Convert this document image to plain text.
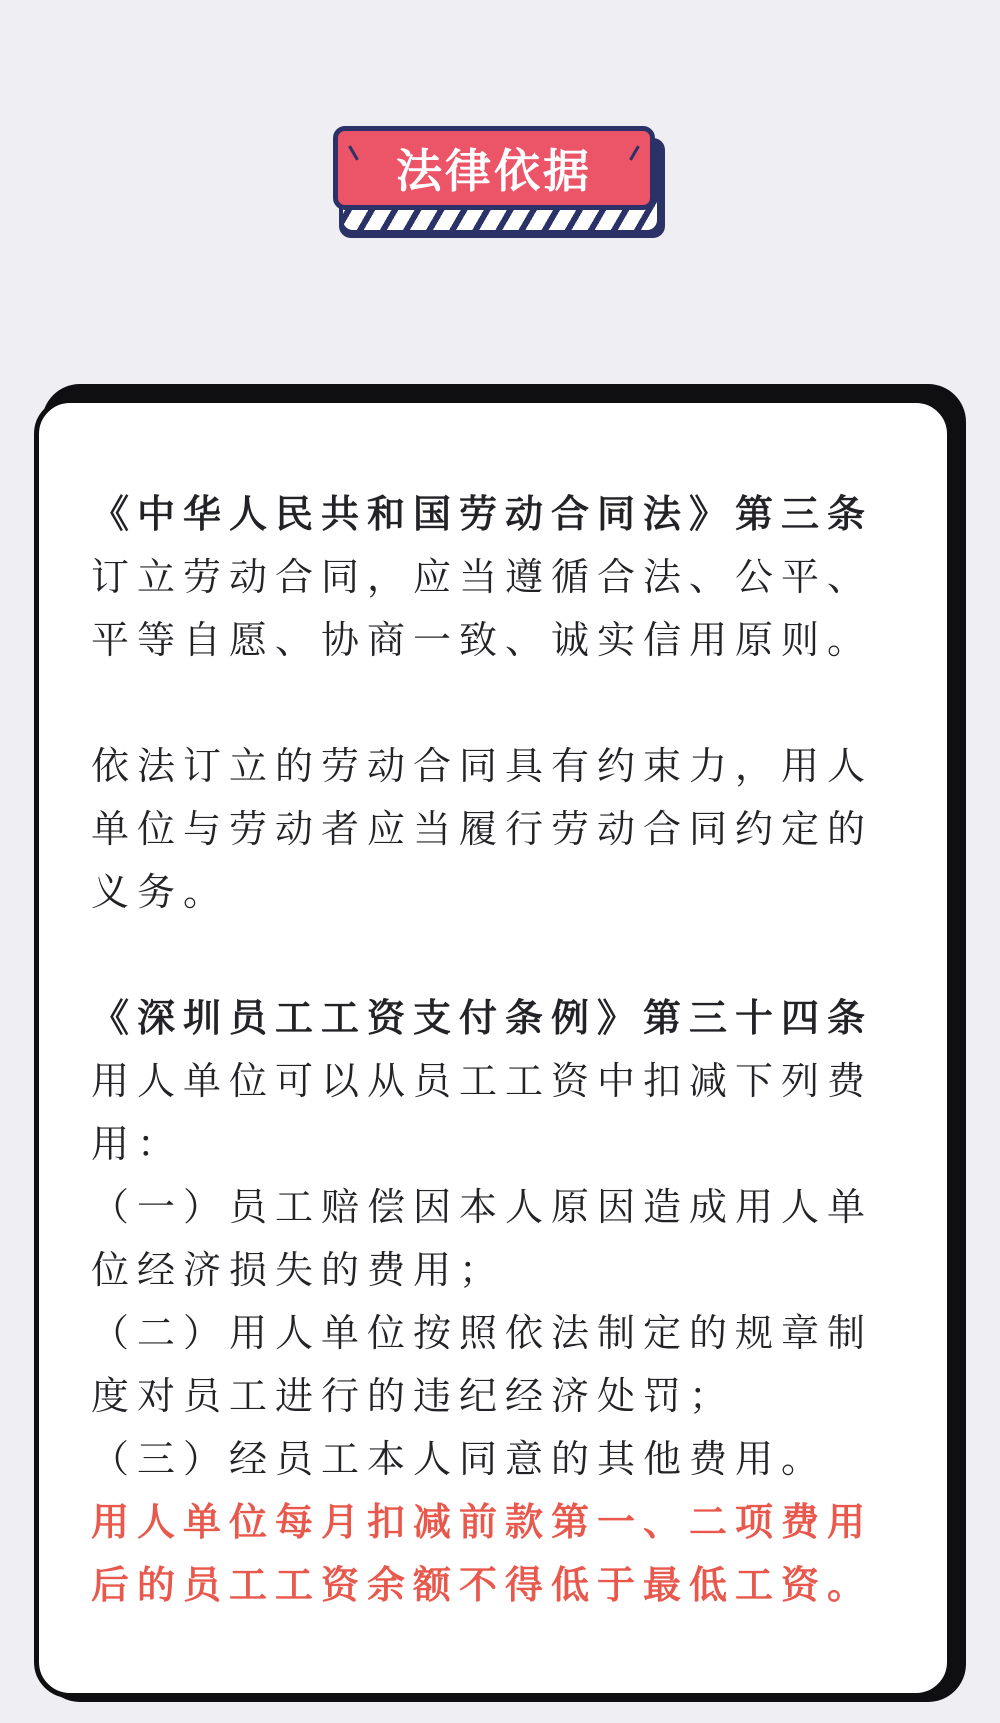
法律依据

《中华人民共和国劳动合同法》第三条

订立劳动合同，应当遵循合法、公平、平等自愿、协商一致、诚实信用原则。

依法订立的劳动合同具有约束力，用人单位与劳动者应当履行劳动合同约定的义务。

《深圳员工工资支付条例》第三十四条

用人单位可以从员工工资中扣减下列费用：

（一）员工赔偿因本人原因造成用人单位经济损失的费用；

（二）用人单位按照依法制定的规章制度对员工进行的违纪经济处罚；

（三）经员工本人同意的其他费用。

用人单位每月扣减前款第一、二项费用后的员工工资余额不得低于最低工资。
